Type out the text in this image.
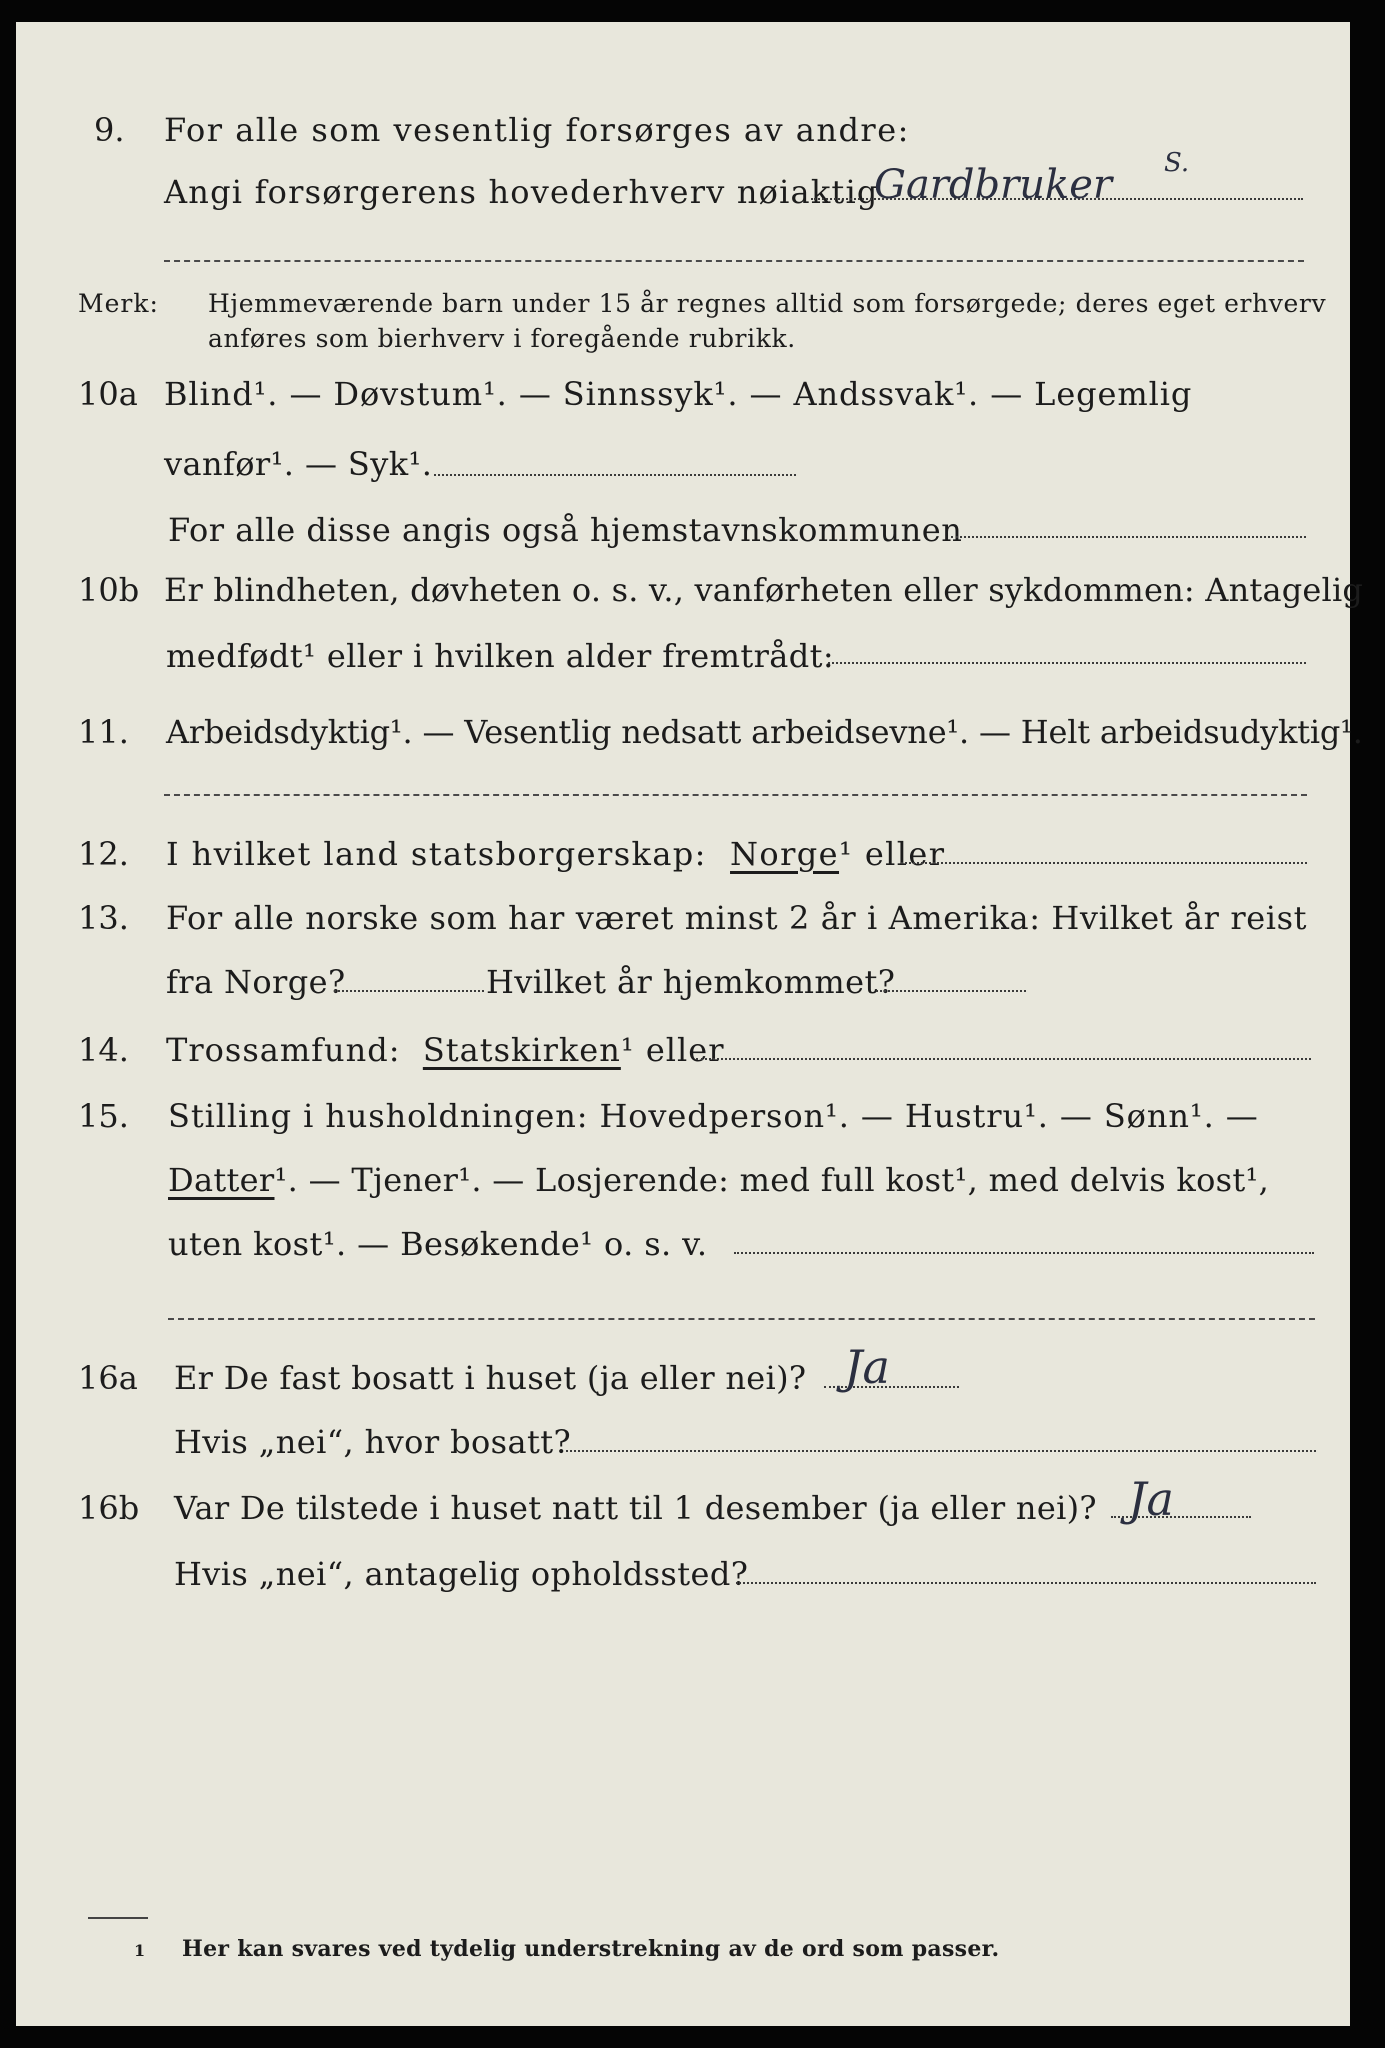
9. For alle som vesentlig forsørges av andre:
Angi forsørgerens hovederhverv nøiaktig
Gardbruker S.
Merk: Hjemmeværende barn under 15 år regnes alltid som forsørgede; deres eget erhverv
anføres som bierhverv i foregående rubrikk.
10a Blind¹. — Døvstum¹. — Sinnssyk¹. — Andssvak¹. — Legemlig
vanfør¹. — Syk¹.
For alle disse angis også hjemstavnskommunen
10b Er blindheten, døvheten o. s. v., vanførheten eller sykdommen: Antagelig
medfødt¹ eller i hvilken alder fremtrådt:
11. Arbeidsdyktig¹. — Vesentlig nedsatt arbeidsevne¹. — Helt arbeidsudyktig¹.
12. I hvilket land statsborgerskap: Norge¹ eller
13. For alle norske som har været minst 2 år i Amerika: Hvilket år reist
fra Norge?	Hvilket år hjemkommet?
14. Trossamfund: Statskirken¹ eller
15. Stilling i husholdningen: Hovedperson¹. — Hustru¹. — Sønn¹. —
Datter¹. — Tjener¹. — Losjerende: med full kost¹, med delvis kost¹,
uten kost¹. — Besøkende¹ o. s. v.
16a Er De fast bosatt i huset (ja eller nei)? Ja
Hvis „nei“, hvor bosatt?
16b Var De tilstede i huset natt til 1 desember (ja eller nei)? Ja
Hvis „nei“, antagelig opholdssted?
1 Her kan svares ved tydelig understrekning av de ord som passer.
